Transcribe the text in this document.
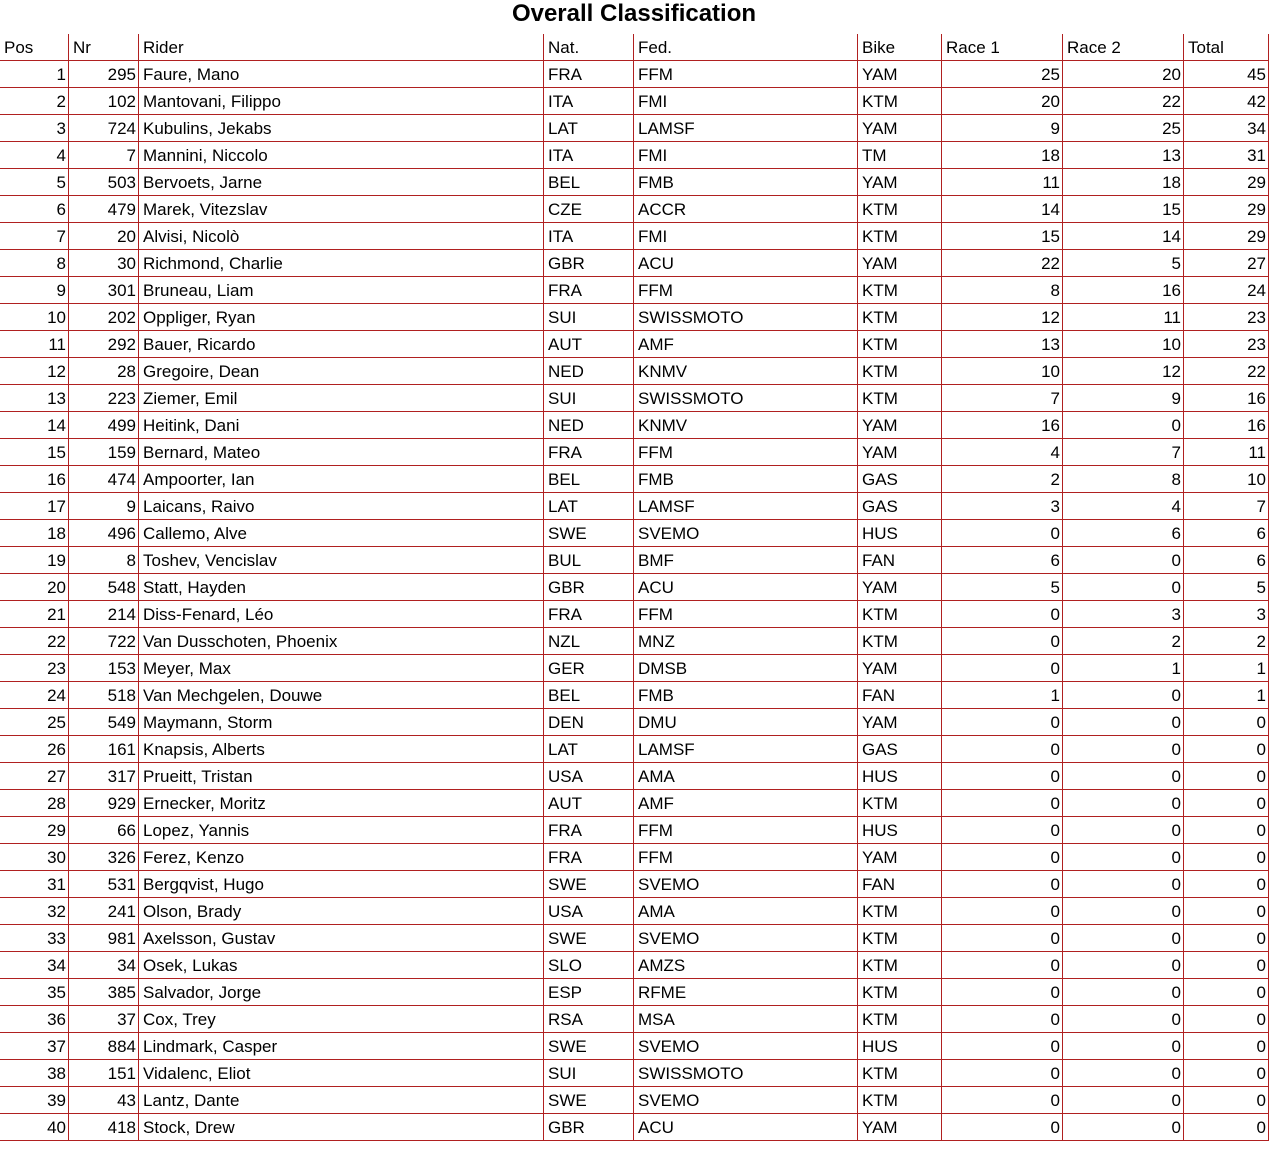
Overall Classification
Pos	Nr	Rider	Nat.	Fed.	Bike	Race 1	Race 2	Total
1	295	Faure, Mano	FRA	FFM	YAM	25	20	45
2	102	Mantovani, Filippo	ITA	FMI	KTM	20	22	42
3	724	Kubulins, Jekabs	LAT	LAMSF	YAM	9	25	34
4	7	Mannini, Niccolo	ITA	FMI	TM	18	13	31
5	503	Bervoets, Jarne	BEL	FMB	YAM	11	18	29
6	479	Marek, Vitezslav	CZE	ACCR	KTM	14	15	29
7	20	Alvisi, Nicolò	ITA	FMI	KTM	15	14	29
8	30	Richmond, Charlie	GBR	ACU	YAM	22	5	27
9	301	Bruneau, Liam	FRA	FFM	KTM	8	16	24
10	202	Oppliger, Ryan	SUI	SWISSMOTO	KTM	12	11	23
11	292	Bauer, Ricardo	AUT	AMF	KTM	13	10	23
12	28	Gregoire, Dean	NED	KNMV	KTM	10	12	22
13	223	Ziemer, Emil	SUI	SWISSMOTO	KTM	7	9	16
14	499	Heitink, Dani	NED	KNMV	YAM	16	0	16
15	159	Bernard, Mateo	FRA	FFM	YAM	4	7	11
16	474	Ampoorter, Ian	BEL	FMB	GAS	2	8	10
17	9	Laicans, Raivo	LAT	LAMSF	GAS	3	4	7
18	496	Callemo, Alve	SWE	SVEMO	HUS	0	6	6
19	8	Toshev, Vencislav	BUL	BMF	FAN	6	0	6
20	548	Statt, Hayden	GBR	ACU	YAM	5	0	5
21	214	Diss-Fenard, Léo	FRA	FFM	KTM	0	3	3
22	722	Van Dusschoten, Phoenix	NZL	MNZ	KTM	0	2	2
23	153	Meyer, Max	GER	DMSB	YAM	0	1	1
24	518	Van Mechgelen, Douwe	BEL	FMB	FAN	1	0	1
25	549	Maymann, Storm	DEN	DMU	YAM	0	0	0
26	161	Knapsis, Alberts	LAT	LAMSF	GAS	0	0	0
27	317	Prueitt, Tristan	USA	AMA	HUS	0	0	0
28	929	Ernecker, Moritz	AUT	AMF	KTM	0	0	0
29	66	Lopez, Yannis	FRA	FFM	HUS	0	0	0
30	326	Ferez, Kenzo	FRA	FFM	YAM	0	0	0
31	531	Bergqvist, Hugo	SWE	SVEMO	FAN	0	0	0
32	241	Olson, Brady	USA	AMA	KTM	0	0	0
33	981	Axelsson, Gustav	SWE	SVEMO	KTM	0	0	0
34	34	Osek, Lukas	SLO	AMZS	KTM	0	0	0
35	385	Salvador, Jorge	ESP	RFME	KTM	0	0	0
36	37	Cox, Trey	RSA	MSA	KTM	0	0	0
37	884	Lindmark, Casper	SWE	SVEMO	HUS	0	0	0
38	151	Vidalenc, Eliot	SUI	SWISSMOTO	KTM	0	0	0
39	43	Lantz, Dante	SWE	SVEMO	KTM	0	0	0
40	418	Stock, Drew	GBR	ACU	YAM	0	0	0
